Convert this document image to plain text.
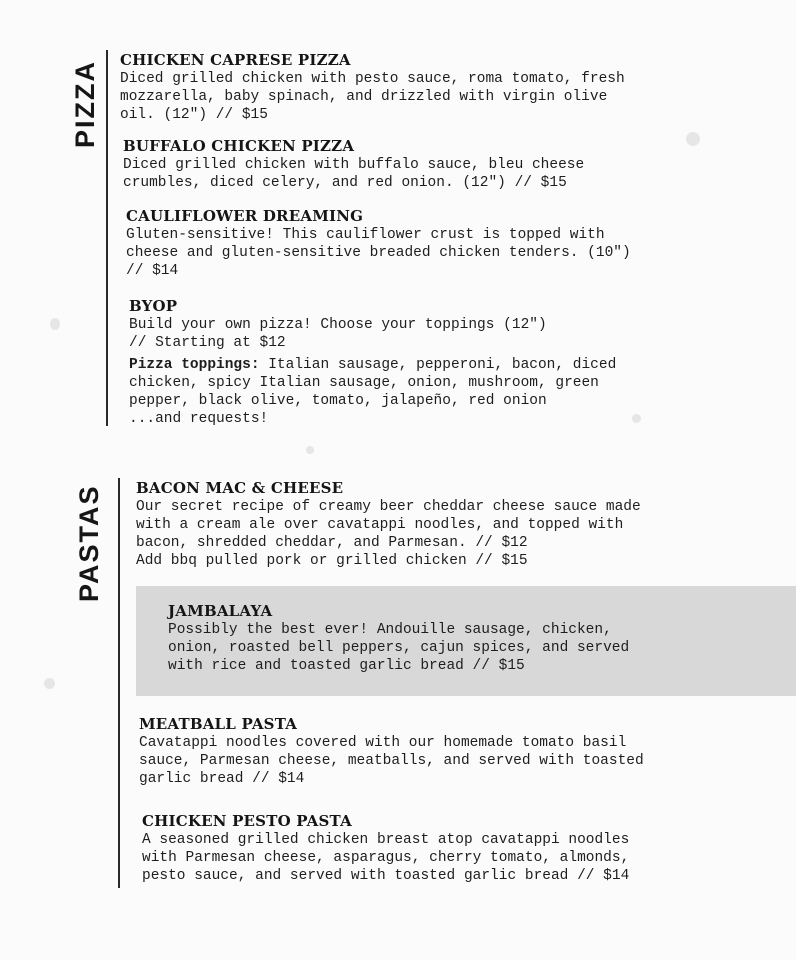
PIZZA CHICKEN CAPRESE PIZZA
Diced grilled chicken with pesto sauce, roma tomato, fresh
mozzarella, baby spinach, and drizzled with virgin olive
oil. (12") // $15
BUFFALO CHICKEN PIZZA
Diced grilled chicken with buffalo sauce, bleu cheese
crumbles, diced celery, and red onion. (12") // $15
CAULIFLOWER DREAMING
Gluten-sensitive! This cauliflower crust is topped with
cheese and gluten-sensitive breaded chicken tenders. (10")
// $14
BYOP
Build your own pizza! Choose your toppings (12")
// Starting at $12
Pizza toppings: Italian sausage, pepperoni, bacon, diced
chicken, spicy Italian sausage, onion, mushroom, green
pepper, black olive, tomato, jalapeño, red onion
...and requests!
PASTAS BACON MAC & CHEESE
Our secret recipe of creamy beer cheddar cheese sauce made
with a cream ale over cavatappi noodles, and topped with
bacon, shredded cheddar, and Parmesan. // $12
Add bbq pulled pork or grilled chicken // $15
JAMBALAYA
Possibly the best ever! Andouille sausage, chicken,
onion, roasted bell peppers, cajun spices, and served
with rice and toasted garlic bread // $15
MEATBALL PASTA
Cavatappi noodles covered with our homemade tomato basil
sauce, Parmesan cheese, meatballs, and served with toasted
garlic bread // $14
CHICKEN PESTO PASTA
A seasoned grilled chicken breast atop cavatappi noodles
with Parmesan cheese, asparagus, cherry tomato, almonds,
pesto sauce, and served with toasted garlic bread // $14
